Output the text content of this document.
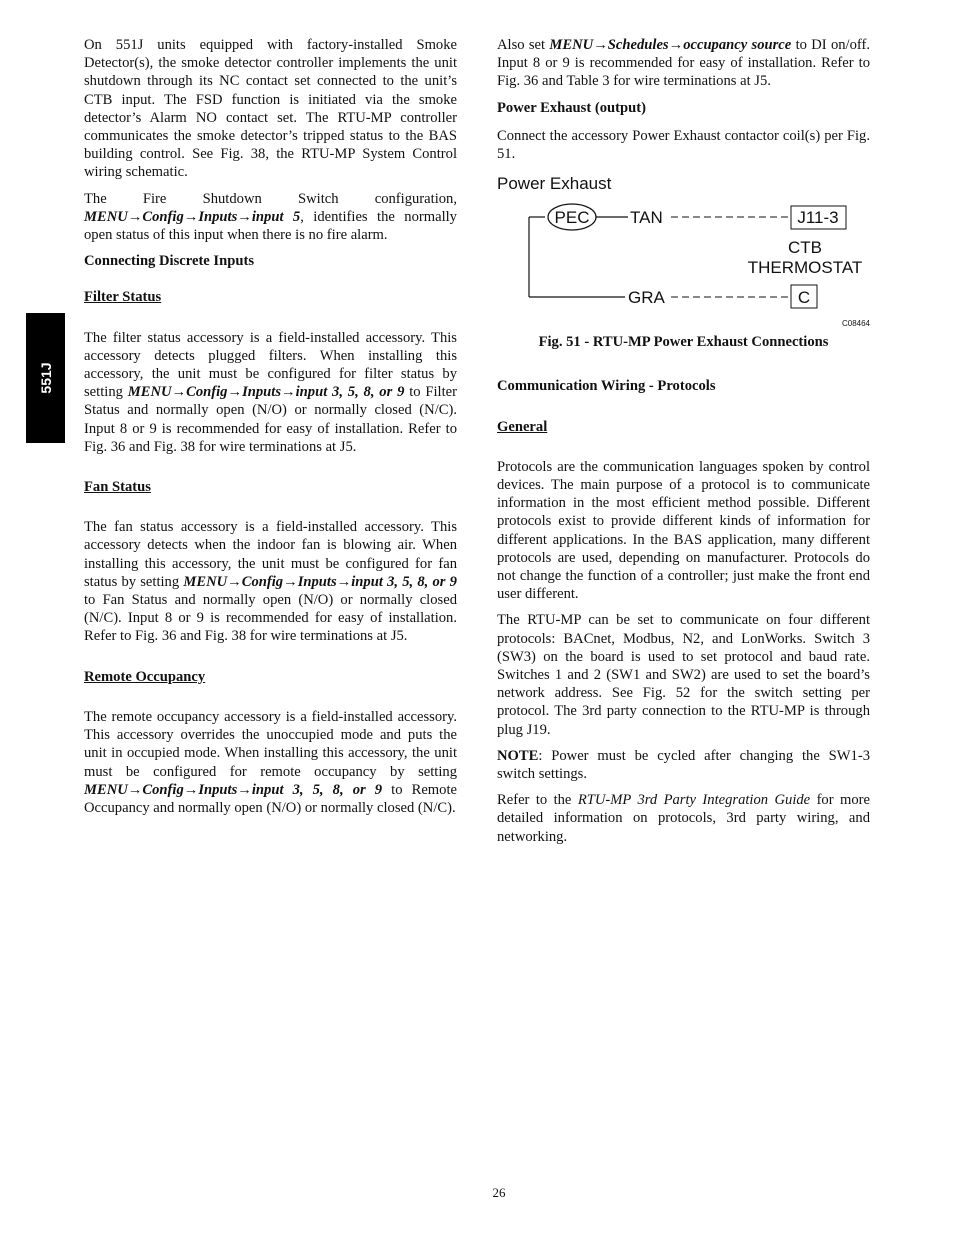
551J

On 551J units equipped with factory-installed Smoke Detector(s), the smoke detector controller implements the unit shutdown through its NC contact set connected to the unit’s CTB input. The FSD function is initiated via the smoke detector’s Alarm NO contact set. The RTU-MP controller communicates the smoke detector’s tripped status to the BAS building control. See Fig. 38, the RTU-MP System Control wiring schematic.

The Fire Shutdown Switch configuration, MENU→Config→Inputs→input 5, identifies the normally open status of this input when there is no fire alarm.

Connecting Discrete Inputs
Filter Status

The filter status accessory is a field-installed accessory. This accessory detects plugged filters. When installing this accessory, the unit must be configured for filter status by setting MENU→Config→Inputs→input 3, 5, 8, or 9 to Filter Status and normally open (N/O) or normally closed (N/C). Input 8 or 9 is recommended for easy of installation. Refer to Fig. 36 and Fig. 38 for wire terminations at J5.

Fan Status

The fan status accessory is a field-installed accessory. This accessory detects when the indoor fan is blowing air. When installing this accessory, the unit must be configured for fan status by setting MENU→Config→Inputs→input 3, 5, 8, or 9 to Fan Status and normally open (N/O) or normally closed (N/C). Input 8 or 9 is recommended for easy of installation. Refer to Fig. 36 and Fig. 38 for wire terminations at J5.

Remote Occupancy

The remote occupancy accessory is a field-installed accessory. This accessory overrides the unoccupied mode and puts the unit in occupied mode. When installing this accessory, the unit must be configured for remote occupancy by setting MENU→Config→Inputs→input 3, 5, 8, or 9 to Remote Occupancy and normally open (N/O) or normally closed (N/C).

Also set MENU→Schedules→occupancy source to DI on/off. Input 8 or 9 is recommended for easy of installation. Refer to Fig. 36 and Table 3 for wire terminations at J5.

Power Exhaust (output)

Connect the accessory Power Exhaust contactor coil(s) per Fig. 51.

Power Exhaust
PEC TAN	J11-3
CTB
THERMOSTAT
GRA	C
C08464
Fig. 51 - RTU-MP Power Exhaust Connections
Communication Wiring - Protocols
General

Protocols are the communication languages spoken by control devices. The main purpose of a protocol is to communicate information in the most efficient method possible. Different protocols exist to provide different kinds of information for different applications. In the BAS application, many different protocols are used, depending on manufacturer. Protocols do not change the function of a controller; just make the front end user different.

The RTU-MP can be set to communicate on four different protocols: BACnet, Modbus, N2, and LonWorks. Switch 3 (SW3) on the board is used to set protocol and baud rate. Switches 1 and 2 (SW1 and SW2) are used to set the board’s network address. See Fig. 52 for the switch setting per protocol. The 3rd party connection to the RTU-MP is through plug J19.

NOTE: Power must be cycled after changing the SW1-3 switch settings.

Refer to the RTU-MP 3rd Party Integration Guide for more detailed information on protocols, 3rd party wiring, and networking.

26
